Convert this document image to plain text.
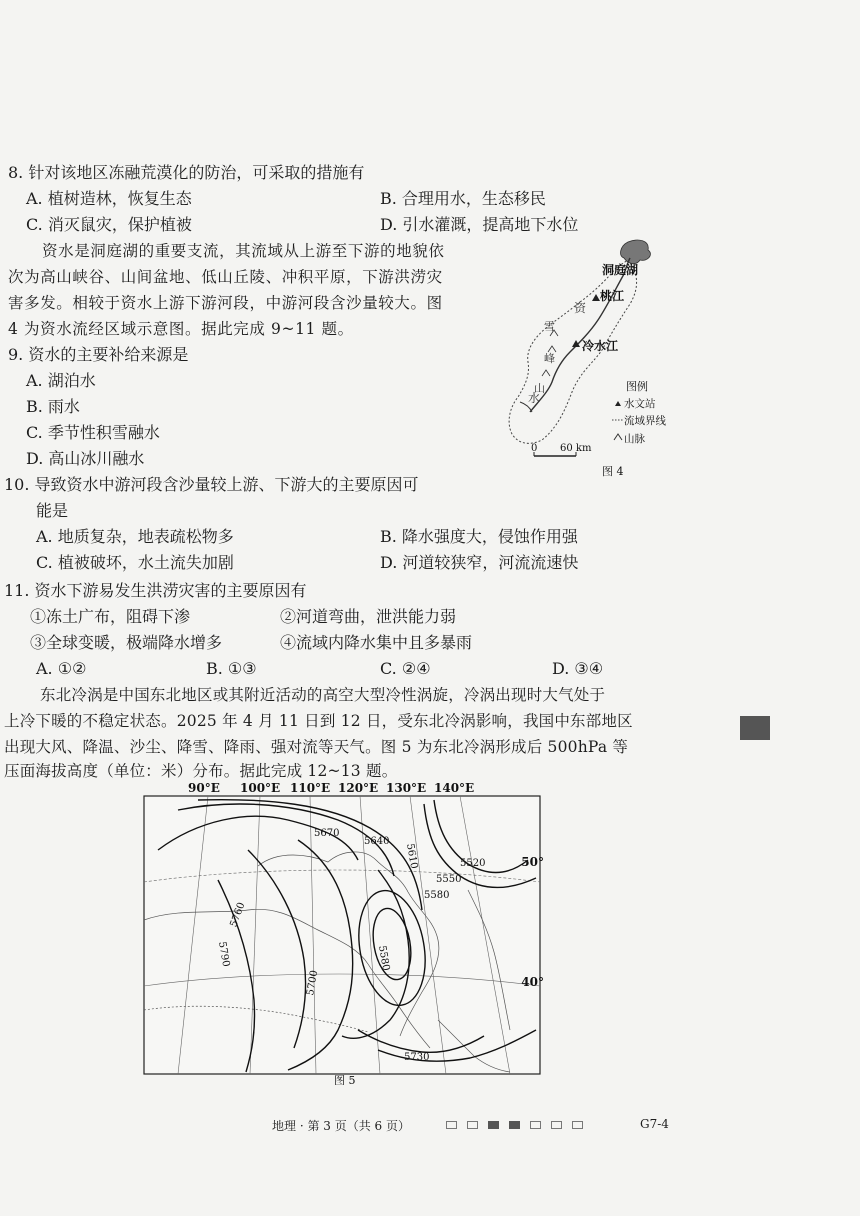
8. 针对该地区冻融荒漠化的防治，可采取的措施有
A. 植树造林，恢复生态	B. 合理用水，生态移民
C. 消灭鼠灾，保护植被	D. 引水灌溉，提高地下水位
资水是洞庭湖的重要支流，其流域从上游至下游的地貌依
次为高山峡谷、山间盆地、低山丘陵、冲积平原，下游洪涝灾
害多发。相较于资水上游下游河段，中游河段含沙量较大。图
4 为资水流经区域示意图。据此完成 9~11 题。
9. 资水的主要补给来源是
A. 湖泊水
B. 雨水
C. 季节性积雪融水
D. 高山冰川融水
10. 导致资水中游河段含沙量较上游、下游大的主要原因可
能是
A. 地质复杂，地表疏松物多	B. 降水强度大，侵蚀作用强
C. 植被破坏，水土流失加剧	D. 河道较狭窄，河流流速快
11. 资水下游易发生洪涝灾害的主要原因有
①冻土广布，阻碍下渗	②河道弯曲，泄洪能力弱
③全球变暖，极端降水增多	④流域内降水集中且多暴雨
A. ①②	B. ①③	C. ②④	D. ③④
东北冷涡是中国东北地区或其附近活动的高空大型冷性涡旋，冷涡出现时大气处于
上冷下暖的不稳定状态。2025 年 4 月 11 日到 12 日，受东北冷涡影响，我国中东部地区
出现大风、降温、沙尘、降雪、降雨、强对流等天气。图 5 为东北冷涡形成后 500hPa 等
压面海拔高度（单位：米）分布。据此完成 12~13 题。
洞庭湖
桃江
冷水江
资
水
雪
峰
山	图例
水文站
流域界线
山脉
0 60 km
图 4
90°E 100°E 110°E 120°E 130°E 140°E
50°
40°
5670
5640
5610	5520
5550
5580
5760
5790	5580
5700
5730
图 5
地理 · 第 3 页（共 6 页）	G7-4
